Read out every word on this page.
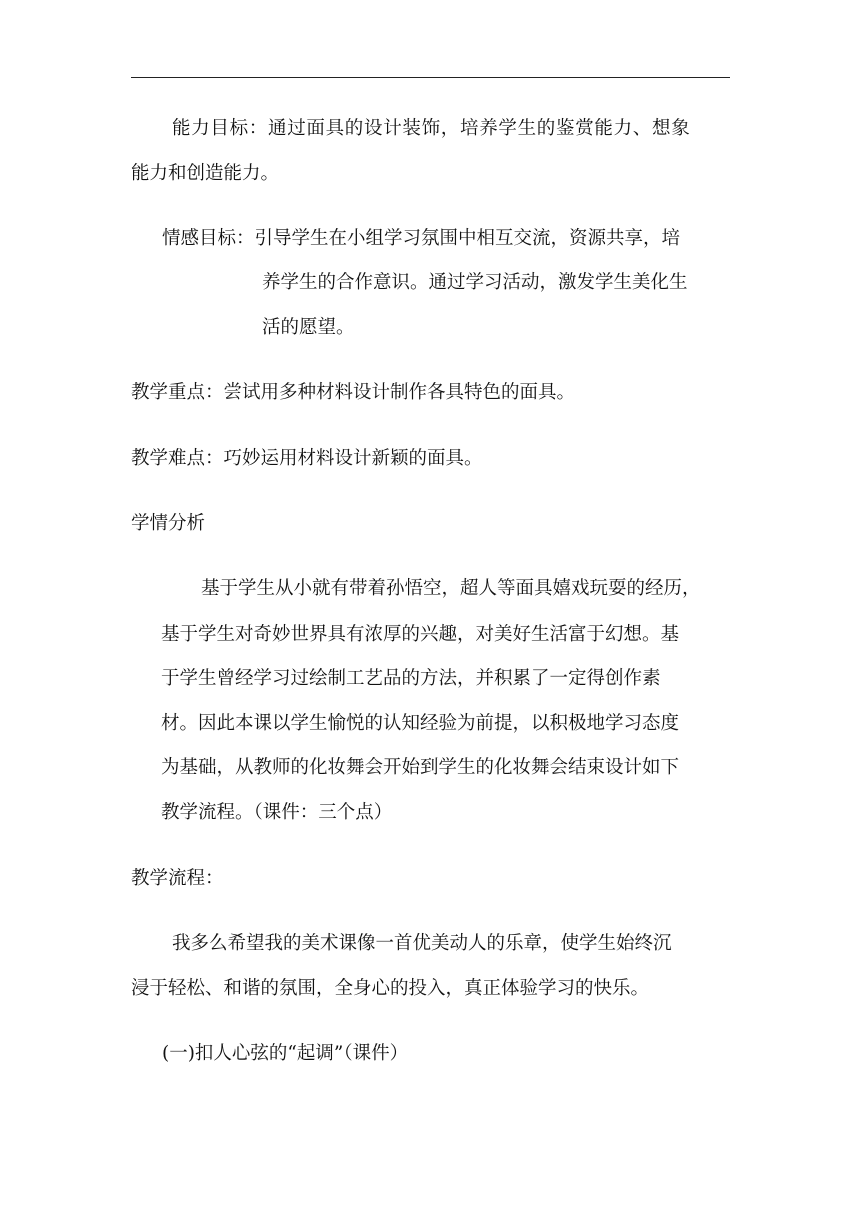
能力目标：通过面具的设计装饰，培养学生的鉴赏能力、想象
能力和创造能力。
情感目标：引导学生在小组学习氛围中相互交流，资源共享，培
养学生的合作意识。通过学习活动，激发学生美化生
活的愿望。
教学重点：尝试用多种材料设计制作各具特色的面具。
教学难点：巧妙运用材料设计新颖的面具。
学情分析
基于学生从小就有带着孙悟空，超人等面具嬉戏玩耍的经历，
基于学生对奇妙世界具有浓厚的兴趣，对美好生活富于幻想。基
于学生曾经学习过绘制工艺品的方法，并积累了一定得创作素
材。因此本课以学生愉悦的认知经验为前提，以积极地学习态度
为基础，从教师的化妆舞会开始到学生的化妆舞会结束设计如下
教学流程。（课件：三个点）
教学流程：
我多么希望我的美术课像一首优美动人的乐章，使学生始终沉
浸于轻松、和谐的氛围，全身心的投入，真正体验学习的快乐。
(一)扣人心弦的“起调”（课件）
